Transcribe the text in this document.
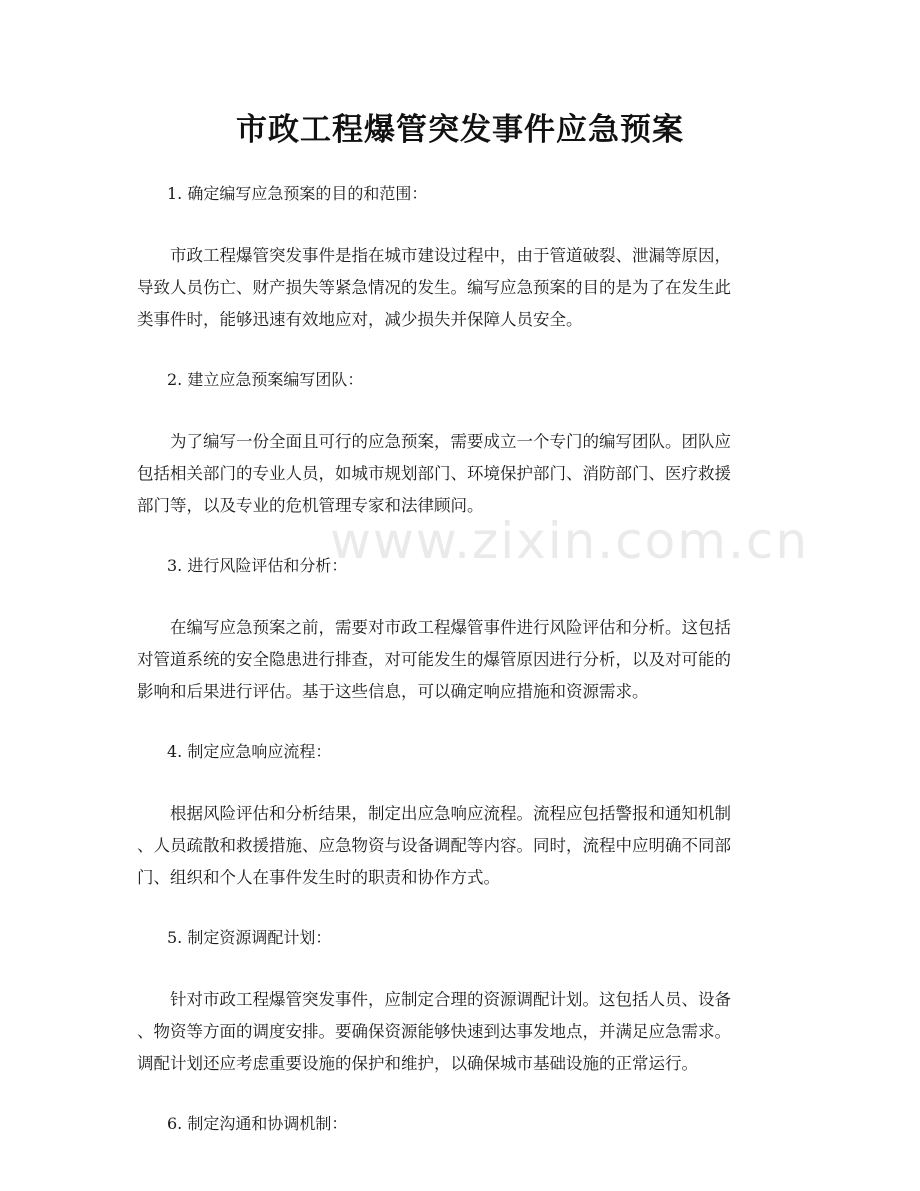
市政工程爆管突发事件应急预案
www.zixin.com.cn

1. 确定编写应急预案的目的和范围：

市政工程爆管突发事件是指在城市建设过程中，由于管道破裂、泄漏等原因，
导致人员伤亡、财产损失等紧急情况的发生。编写应急预案的目的是为了在发生此
类事件时，能够迅速有效地应对，减少损失并保障人员安全。

2. 建立应急预案编写团队：

为了编写一份全面且可行的应急预案，需要成立一个专门的编写团队。团队应
包括相关部门的专业人员，如城市规划部门、环境保护部门、消防部门、医疗救援
部门等，以及专业的危机管理专家和法律顾问。

3. 进行风险评估和分析：

在编写应急预案之前，需要对市政工程爆管事件进行风险评估和分析。这包括
对管道系统的安全隐患进行排查，对可能发生的爆管原因进行分析，以及对可能的
影响和后果进行评估。基于这些信息，可以确定响应措施和资源需求。

4. 制定应急响应流程：

根据风险评估和分析结果，制定出应急响应流程。流程应包括警报和通知机制
、人员疏散和救援措施、应急物资与设备调配等内容。同时，流程中应明确不同部
门、组织和个人在事件发生时的职责和协作方式。

5. 制定资源调配计划：

针对市政工程爆管突发事件，应制定合理的资源调配计划。这包括人员、设备
、物资等方面的调度安排。要确保资源能够快速到达事发地点，并满足应急需求。
调配计划还应考虑重要设施的保护和维护，以确保城市基础设施的正常运行。

6. 制定沟通和协调机制：
